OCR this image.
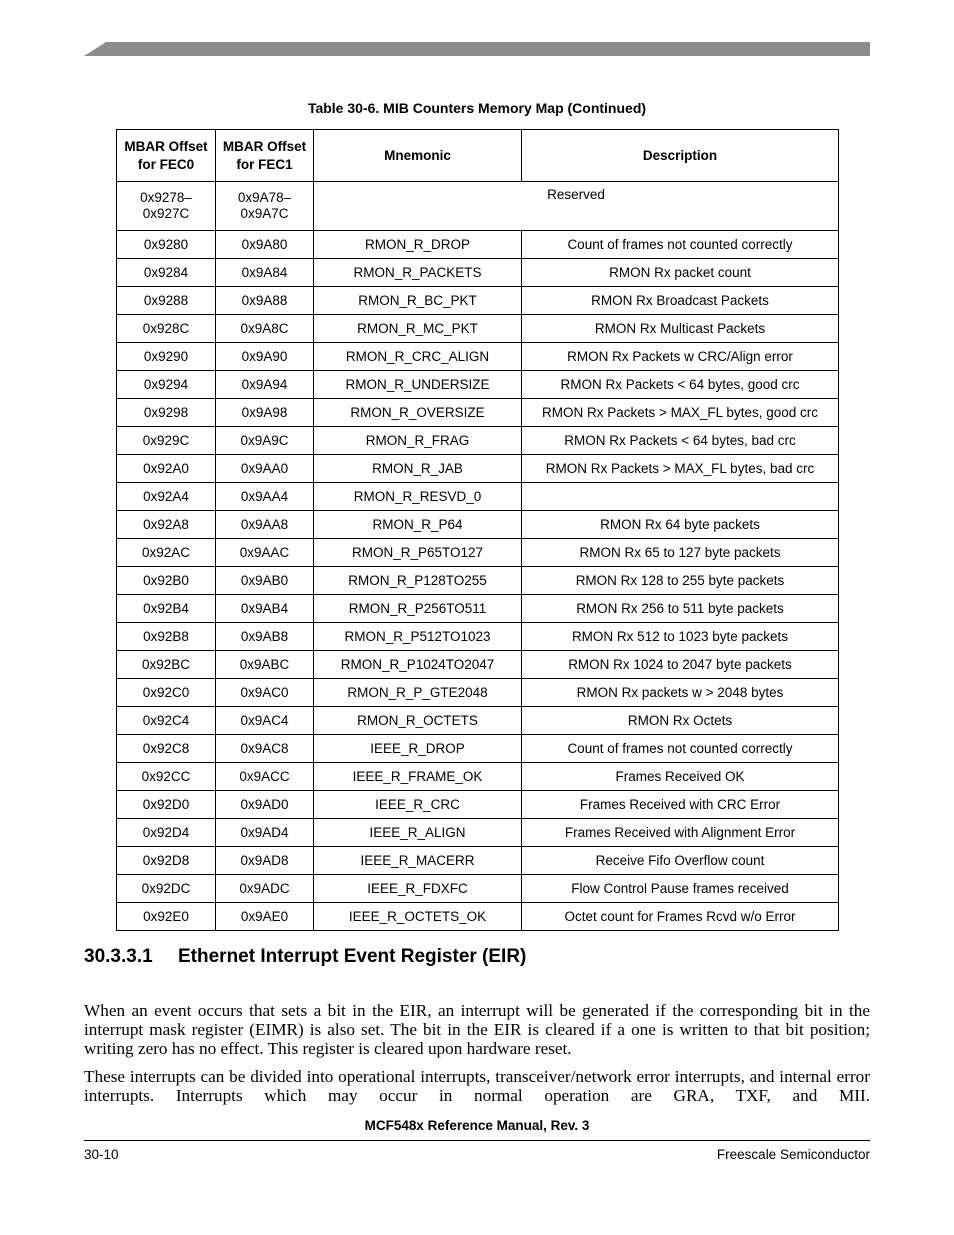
Table 30-6. MIB Counters Memory Map (Continued)
MBAR Offset
for FEC0	MBAR Offset
for FEC1	Mnemonic	Description
0x9278–
0x927C	0x9A78–
0x9A7C	Reserved	
0x9280	0x9A80	RMON_R_DROP	Count of frames not counted correctly
0x9284	0x9A84	RMON_R_PACKETS	RMON Rx packet count
0x9288	0x9A88	RMON_R_BC_PKT	RMON Rx Broadcast Packets
0x928C	0x9A8C	RMON_R_MC_PKT	RMON Rx Multicast Packets
0x9290	0x9A90	RMON_R_CRC_ALIGN	RMON Rx Packets w CRC/Align error
0x9294	0x9A94	RMON_R_UNDERSIZE	RMON Rx Packets < 64 bytes, good crc
0x9298	0x9A98	RMON_R_OVERSIZE	RMON Rx Packets > MAX_FL bytes, good crc
0x929C	0x9A9C	RMON_R_FRAG	RMON Rx Packets < 64 bytes, bad crc
0x92A0	0x9AA0	RMON_R_JAB	RMON Rx Packets > MAX_FL bytes, bad crc
0x92A4	0x9AA4	RMON_R_RESVD_0	
0x92A8	0x9AA8	RMON_R_P64	RMON Rx 64 byte packets
0x92AC	0x9AAC	RMON_R_P65TO127	RMON Rx 65 to 127 byte packets
0x92B0	0x9AB0	RMON_R_P128TO255	RMON Rx 128 to 255 byte packets
0x92B4	0x9AB4	RMON_R_P256TO511	RMON Rx 256 to 511 byte packets
0x92B8	0x9AB8	RMON_R_P512TO1023	RMON Rx 512 to 1023 byte packets
0x92BC	0x9ABC	RMON_R_P1024TO2047	RMON Rx 1024 to 2047 byte packets
0x92C0	0x9AC0	RMON_R_P_GTE2048	RMON Rx packets w > 2048 bytes
0x92C4	0x9AC4	RMON_R_OCTETS	RMON Rx Octets
0x92C8	0x9AC8	IEEE_R_DROP	Count of frames not counted correctly
0x92CC	0x9ACC	IEEE_R_FRAME_OK	Frames Received OK
0x92D0	0x9AD0	IEEE_R_CRC	Frames Received with CRC Error
0x92D4	0x9AD4	IEEE_R_ALIGN	Frames Received with Alignment Error
0x92D8	0x9AD8	IEEE_R_MACERR	Receive Fifo Overflow count
0x92DC	0x9ADC	IEEE_R_FDXFC	Flow Control Pause frames received
0x92E0	0x9AE0	IEEE_R_OCTETS_OK	Octet count for Frames Rcvd w/o Error
30.3.3.1 Ethernet Interrupt Event Register (EIR)

When an event occurs that sets a bit in the EIR, an interrupt will be generated if the corresponding bit in the interrupt mask register (EIMR) is also set. The bit in the EIR is cleared if a one is written to that bit position; writing zero has no effect. This register is cleared upon hardware reset.

These interrupts can be divided into operational interrupts, transceiver/network error interrupts, and internal error interrupts. Interrupts which may occur in normal operation are GRA, TXF, and MII.

MCF548x Reference Manual, Rev. 3
30-10	Freescale Semiconductor
